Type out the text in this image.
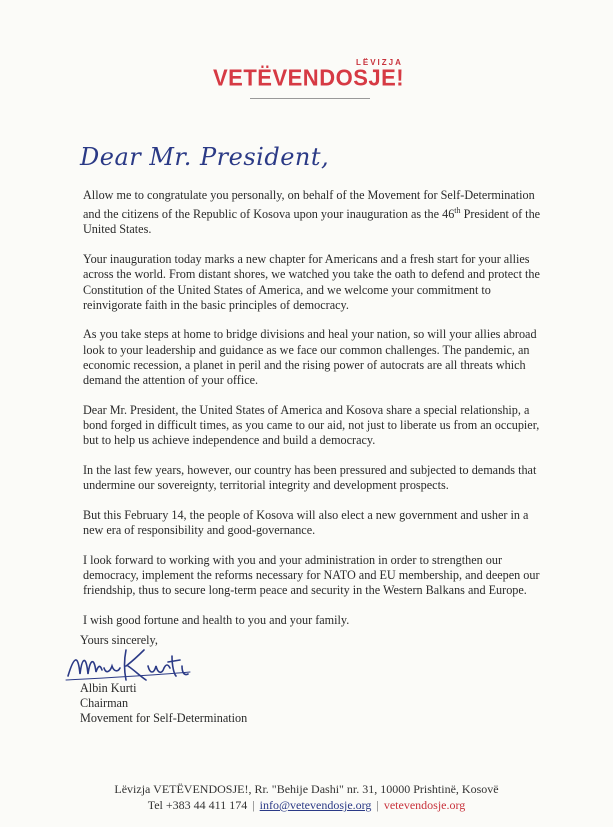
LËVIZJA
VETËVENDOSJE!
Dear Mr. President,

Allow me to congratulate you personally, on behalf of the Movement for Self-Determination and the citizens of the Republic of Kosova upon your inauguration as the 46th President of the United States.

Your inauguration today marks a new chapter for Americans and a fresh start for your allies across the world. From distant shores, we watched you take the oath to defend and protect the Constitution of the United States of America, and we welcome your commitment to reinvigorate faith in the basic principles of democracy.

As you take steps at home to bridge divisions and heal your nation, so will your allies abroad look to your leadership and guidance as we face our common challenges. The pandemic, an economic recession, a planet in peril and the rising power of autocrats are all threats which demand the attention of your office.

Dear Mr. President, the United States of America and Kosova share a special relationship, a bond forged in difficult times, as you came to our aid, not just to liberate us from an occupier, but to help us achieve independence and build a democracy.

In the last few years, however, our country has been pressured and subjected to demands that undermine our sovereignty, territorial integrity and development prospects.

But this February 14, the people of Kosova will also elect a new government and usher in a new era of responsibility and good-governance.

I look forward to working with you and your administration in order to strengthen our democracy, implement the reforms necessary for NATO and EU membership, and deepen our friendship, thus to secure long-term peace and security in the Western Balkans and Europe.

I wish good fortune and health to you and your family.

Yours sincerely,
Albin Kurti
Chairman
Movement for Self-Determination
Lëvizja VETËVENDOSJE!, Rr. "Behije Dashi" nr. 31, 10000 Prishtinë, Kosovë
Tel +383 44 411 174 | info@vetevendosje.org | vetevendosje.org
